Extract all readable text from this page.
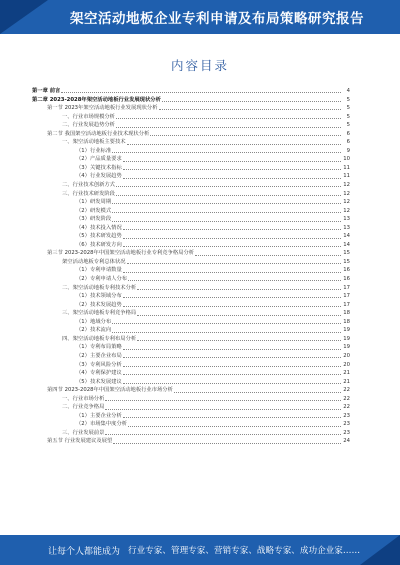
架空活动地板企业专利申请及布局策略研究报告
内容目录
第一章 前言	4
第二章 2023-2028年架空活动地板行业发展现状分析	5
第一节 2023年架空活动地板行业发展现状分析	5
一、行业市场规模分析	5
二、行业发展趋势分析	5
第二节 我国架空活动地板行业技术现状分析	6
一、架空活动地板主要技术	6
（1）行业标准	9
（2）产品质量要求	10
（3）关键技术指标	11
（4）行业发展趋势	11
二、行业技术创新方式	12
三、行业技术研发阶段	12
（1）研发周期	12
（2）研发模式	12
（3）研发阶段	13
（4）技术投入情况	13
（5）技术研发趋势	14
（6）技术研发方向	14
第三节 2023-2028年中国架空活动地板行业专利竞争格局分析	15
架空活动地板专利总体状况	15
（1）专利申请数量	16
（2）专利申请人分布	16
二、架空活动地板专利技术分析	17
（1）技术领域分布	17
（2）技术发展趋势	17
三、架空活动地板专利竞争格局	18
（1）地域分布	18
（2）技术流向	19
四、架空活动地板专利布局分析	19
（1）专利布局策略	19
（2）主要企业布局	20
（3）专利风险分析	20
（4）专利保护建议	21
（5）技术发展建议	21
第四节 2023-2028年中国架空活动地板行业市场分析	22
一、行业市场分析	22
二、行业竞争格局	22
（1）主要企业分析	23
（2）市场集中度分析	23
三、行业发展前景	23
第五节 行业发展建议及展望	24
让每个人都能成为 行业专家、管理专家、营销专家、战略专家、成功企业家……
